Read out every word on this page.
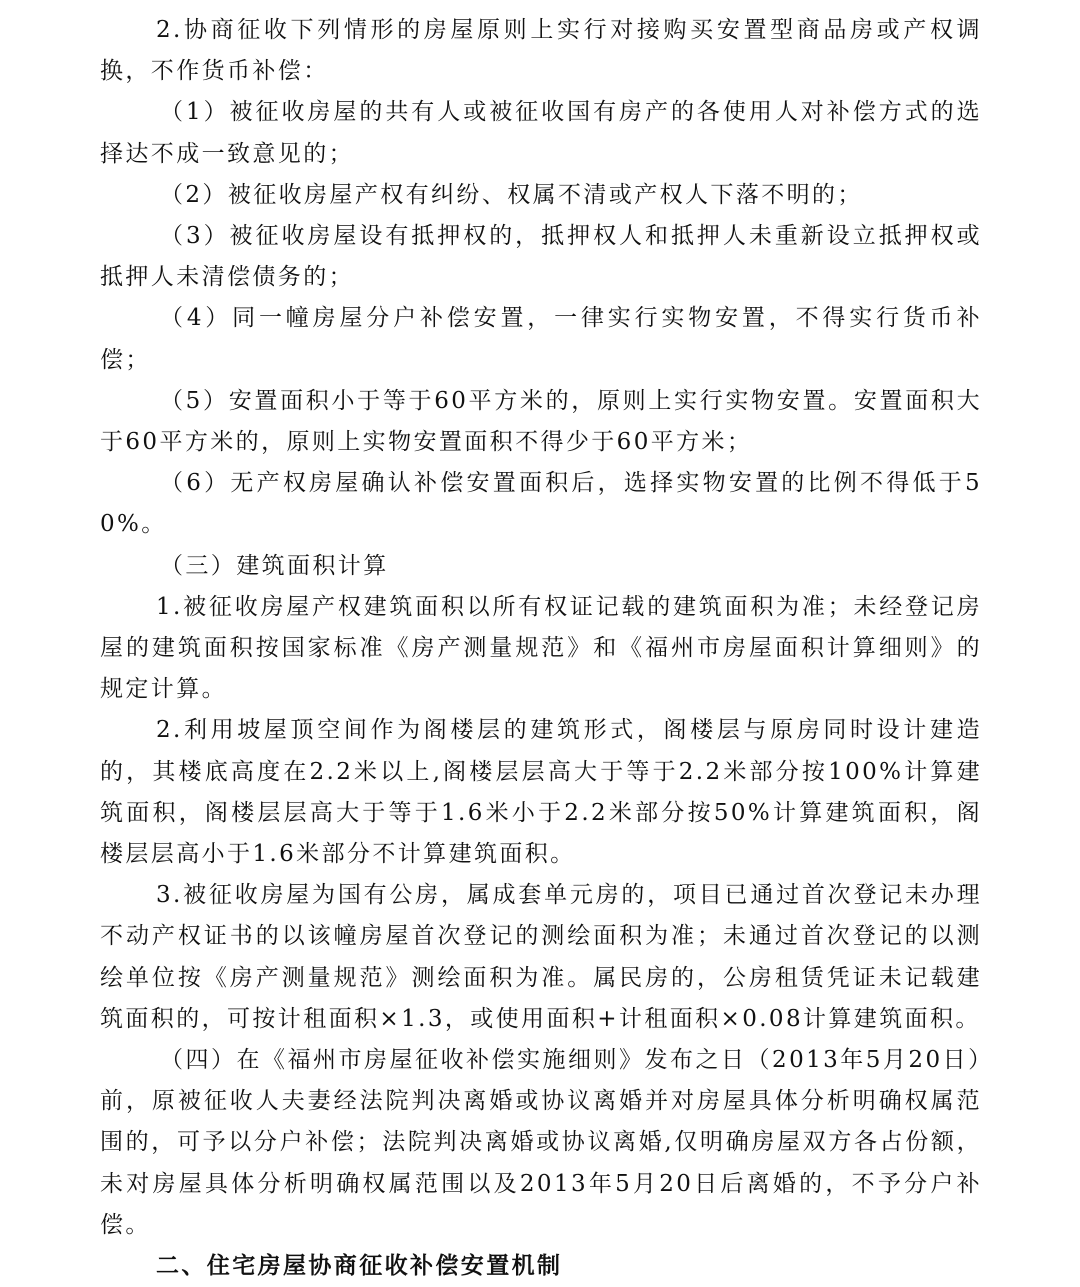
2.协商征收下列情形的房屋原则上实行对接购买安置型商品房或产权调换，不作货币补偿：

（1）被征收房屋的共有人或被征收国有房产的各使用人对补偿方式的选择达不成一致意见的；

（2）被征收房屋产权有纠纷、权属不清或产权人下落不明的；

（3）被征收房屋设有抵押权的，抵押权人和抵押人未重新设立抵押权或抵押人未清偿债务的；

（4）同一幢房屋分户补偿安置，一律实行实物安置，不得实行货币补偿；

（5）安置面积小于等于60平方米的，原则上实行实物安置。安置面积大于60平方米的，原则上实物安置面积不得少于60平方米；

（6）无产权房屋确认补偿安置面积后，选择实物安置的比例不得低于50%。

（三）建筑面积计算

1.被征收房屋产权建筑面积以所有权证记载的建筑面积为准；未经登记房屋的建筑面积按国家标准《房产测量规范》和《福州市房屋面积计算细则》的规定计算。

2.利用坡屋顶空间作为阁楼层的建筑形式，阁楼层与原房同时设计建造的，其楼底高度在2.2米以上,阁楼层层高大于等于2.2米部分按100%计算建筑面积，阁楼层层高大于等于1.6米小于2.2米部分按50%计算建筑面积，阁楼层层高小于1.6米部分不计算建筑面积。

3.被征收房屋为国有公房，属成套单元房的，项目已通过首次登记未办理不动产权证书的以该幢房屋首次登记的测绘面积为准；未通过首次登记的以测绘单位按《房产测量规范》测绘面积为准。属民房的，公房租赁凭证未记载建筑面积的，可按计租面积×1.3，或使用面积+计租面积×0.08计算建筑面积。

（四）在《福州市房屋征收补偿实施细则》发布之日（2013年5月20日）前，原被征收人夫妻经法院判决离婚或协议离婚并对房屋具体分析明确权属范围的，可予以分户补偿；法院判决离婚或协议离婚,仅明确房屋双方各占份额，未对房屋具体分析明确权属范围以及2013年5月20日后离婚的，不予分户补偿。

二、住宅房屋协商征收补偿安置机制
